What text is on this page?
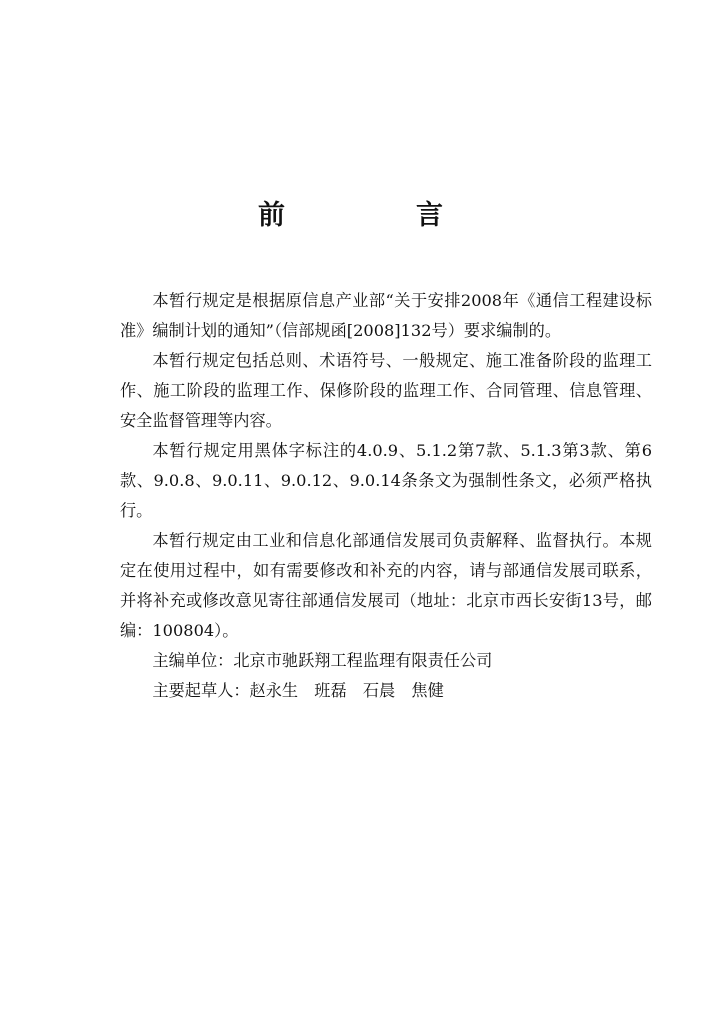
前　言

本暂行规定是根据原信息产业部“关于安排2008年《通信工程建设标准》编制计划的通知”（信部规函[2008]132号）要求编制的。

本暂行规定包括总则、术语符号、一般规定、施工准备阶段的监理工作、施工阶段的监理工作、保修阶段的监理工作、合同管理、信息管理、安全监督管理等内容。

本暂行规定用黑体字标注的4.0.9、5.1.2第7款、5.1.3第3款、第6款、9.0.8、9.0.11、9.0.12、9.0.14条条文为强制性条文，必须严格执行。

本暂行规定由工业和信息化部通信发展司负责解释、监督执行。本规定在使用过程中，如有需要修改和补充的内容，请与部通信发展司联系，并将补充或修改意见寄往部通信发展司（地址：北京市西长安街13号，邮编：100804）。

主编单位：北京市驰跃翔工程监理有限责任公司

主要起草人：赵永生　班磊　石晨　焦健
